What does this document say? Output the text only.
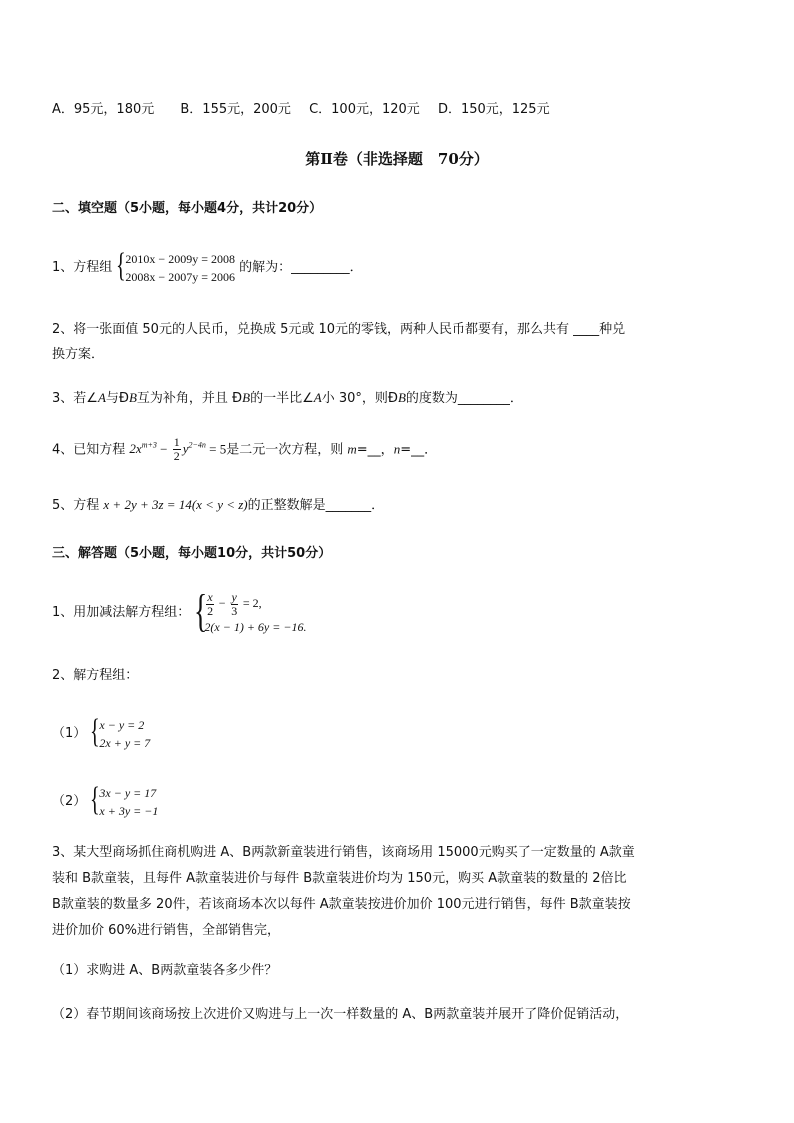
A．95元，180元 B．155元，200元 C．100元，120元 D．150元，125元
第Ⅱ卷（非选择题　70分）
二、填空题（5小题，每小题4分，共计20分）
1、方程组 { 2010x − 2009y = 2008
2008x − 2007y = 2006
的解为：_________．
2、将一张面值 50元的人民币，兑换成 5元或 10元的零钱，两种人民币都要有，那么共有 ____种兑
换方案．
3、若∠A与ÐB互为补角，并且 ÐB的一半比∠A小 30°，则ÐB的度数为________．
4、已知方程 $2x^{m+3} - \frac{1}{2} y^{2-4n} = 5$是二元一次方程，则 m=__，n=__．
5、方程 x + 2y + 3z = 14(x < y < z)的正整数解是_______．
三、解答题（5小题，每小题10分，共计50分）
1、用加减法解方程组： {
$\frac{x}{2} - \frac{y}{3} = 2$,
2(x − 1) + 6y = −16.
2、解方程组：
（1） { x − y = 2
2x + y = 7
（2） { 3x − y = 17
x + 3y = −1
3、某大型商场抓住商机购进 A、B两款新童装进行销售，该商场用 15000元购买了一定数量的 A款童
装和 B款童装，且每件 A款童装进价与每件 B款童装进价均为 150元，购买 A款童装的数量的 2倍比
B款童装的数量多 20件，若该商场本次以每件 A款童装按进价加价 100元进行销售，每件 B款童装按
进价加价 60%进行销售，全部销售完，
（1）求购进 A、B两款童装各多少件？
（2）春节期间该商场按上次进价又购进与上一次一样数量的 A、B两款童装并展开了降价促销活动，
